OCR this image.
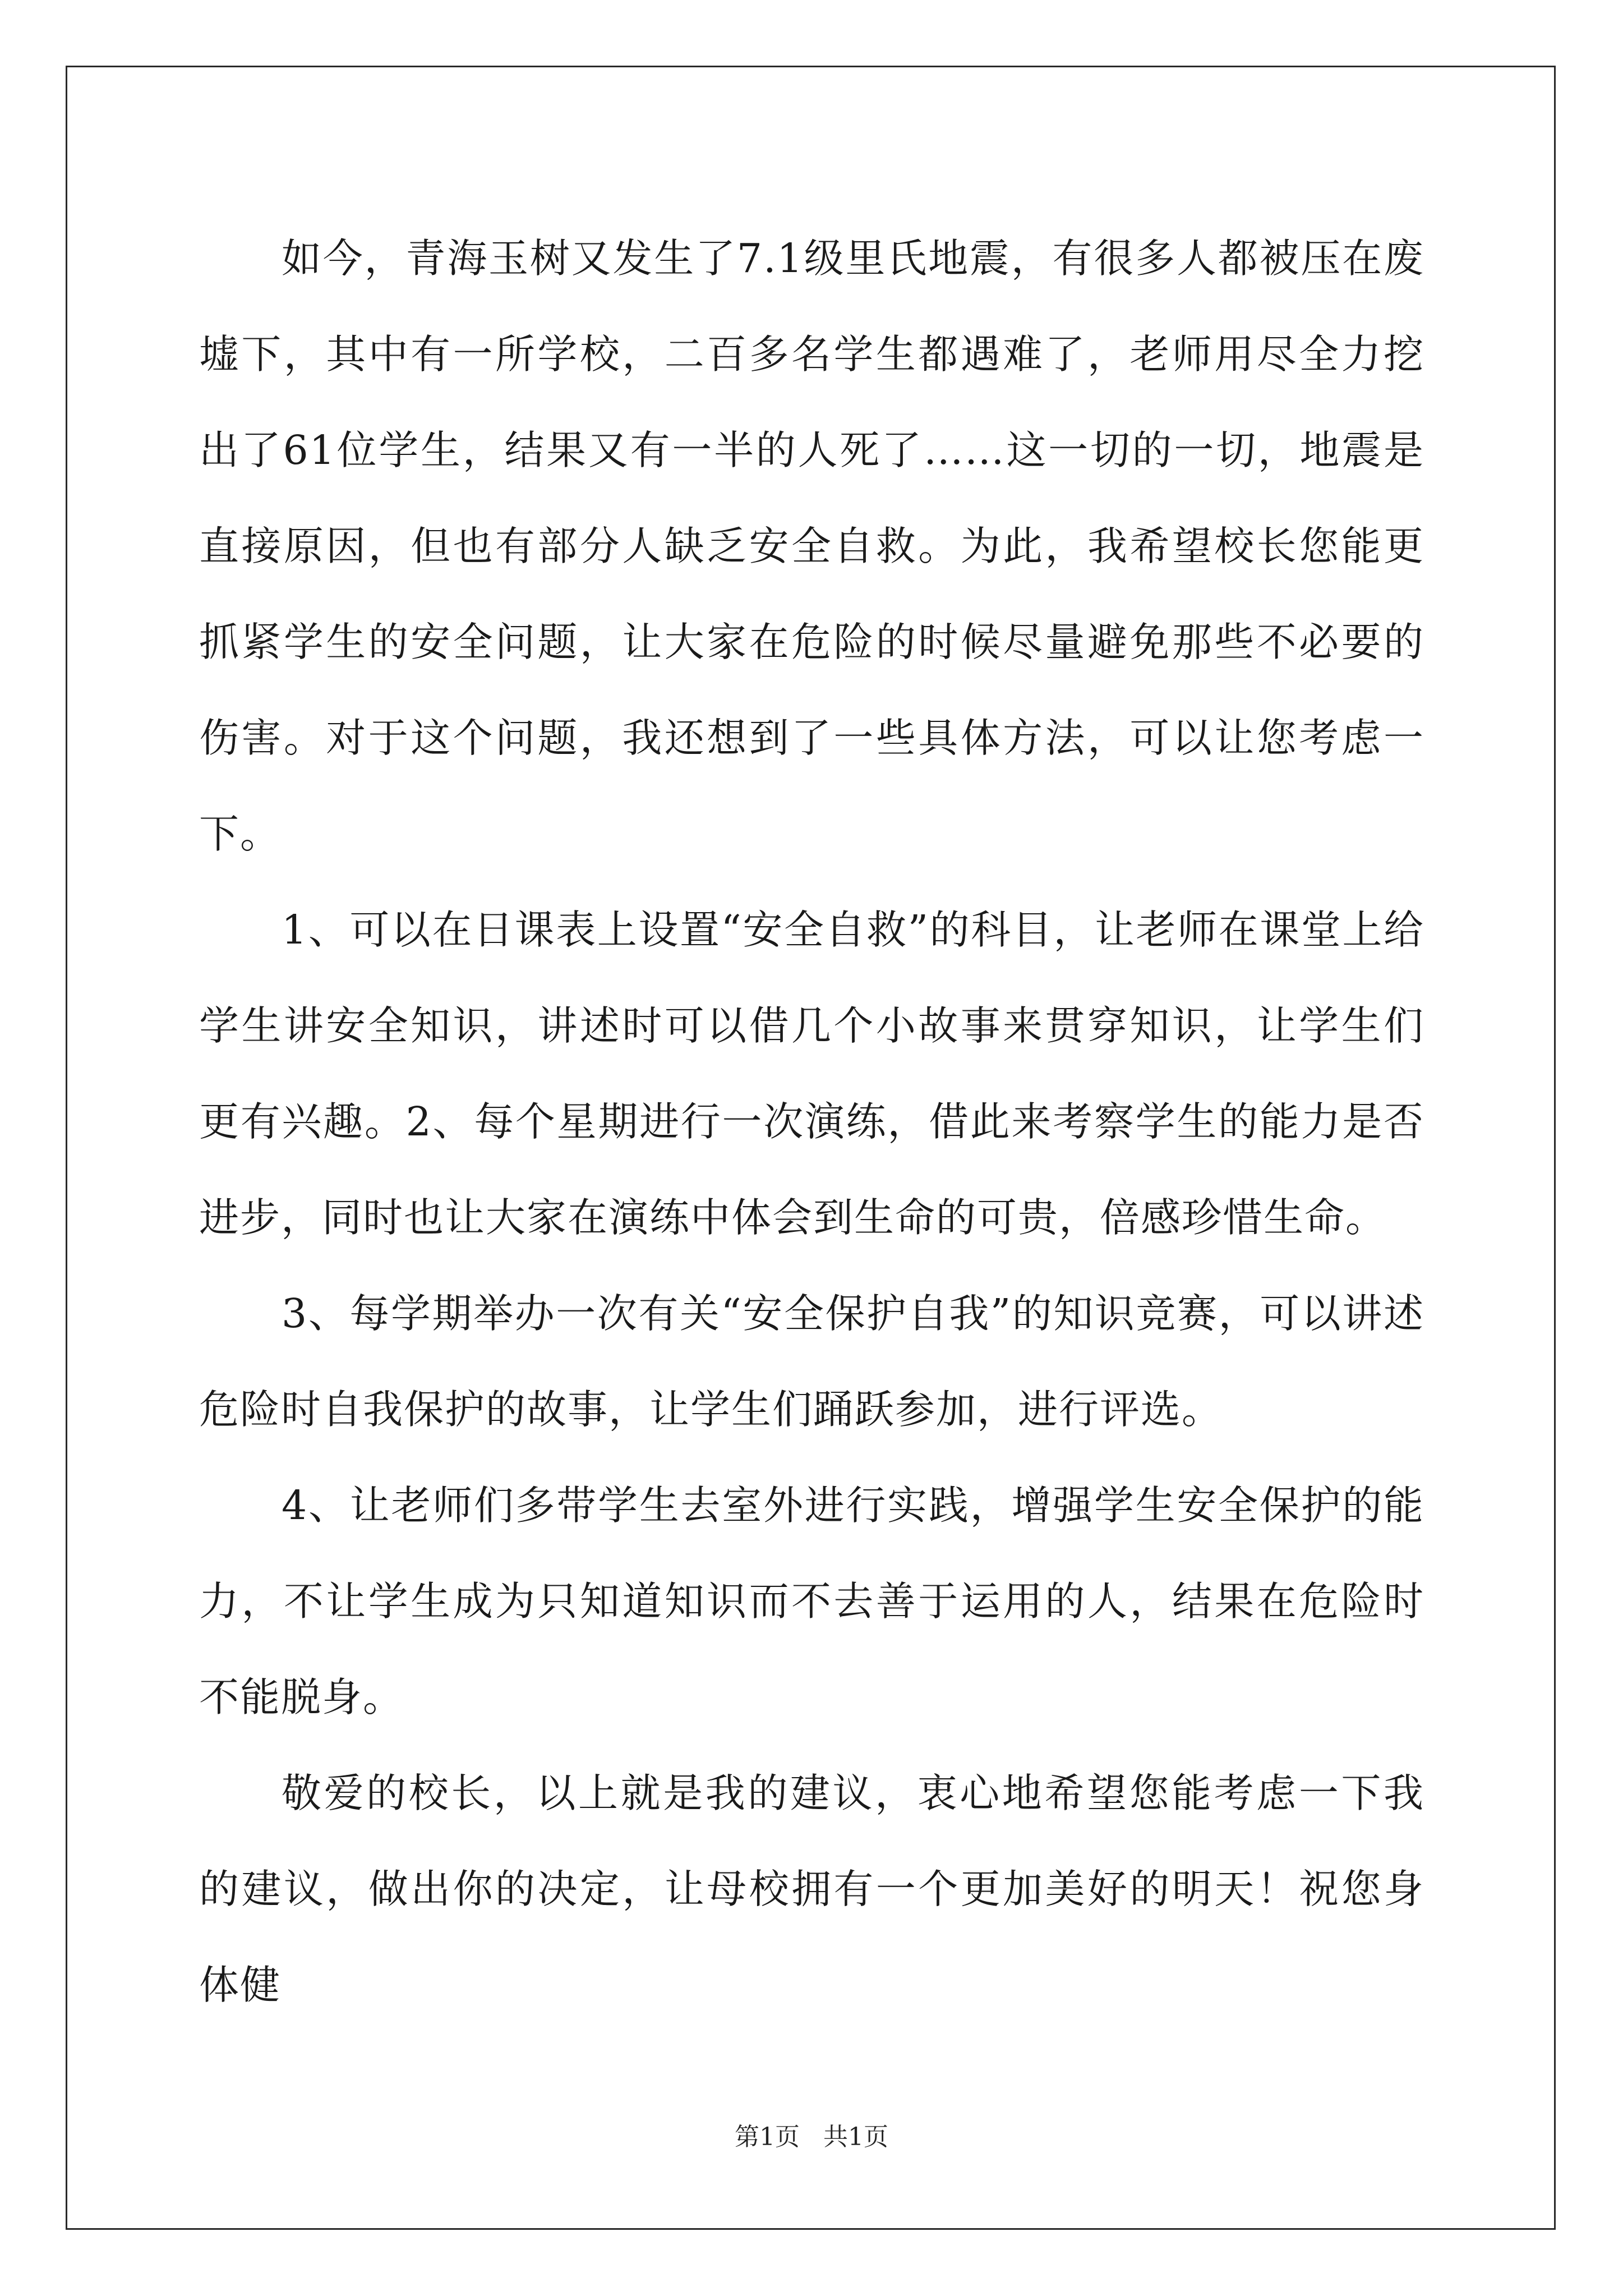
如今，青海玉树又发生了7.1级里氏地震，有很多人都被压在废墟下，其中有一所学校，二百多名学生都遇难了，老师用尽全力挖出了61位学生，结果又有一半的人死了……这一切的一切，地震是直接原因，但也有部分人缺乏安全自救。为此，我希望校长您能更抓紧学生的安全问题，让大家在危险的时候尽量避免那些不必要的伤害。对于这个问题，我还想到了一些具体方法，可以让您考虑一下。

1、可以在日课表上设置“安全自救”的科目，让老师在课堂上给学生讲安全知识，讲述时可以借几个小故事来贯穿知识，让学生们更有兴趣。2、每个星期进行一次演练，借此来考察学生的能力是否进步，同时也让大家在演练中体会到生命的可贵，倍感珍惜生命。

3、每学期举办一次有关“安全保护自我”的知识竞赛，可以讲述危险时自我保护的故事，让学生们踊跃参加，进行评选。

4、让老师们多带学生去室外进行实践，增强学生安全保护的能力，不让学生成为只知道知识而不去善于运用的人，结果在危险时不能脱身。

敬爱的校长，以上就是我的建议，衷心地希望您能考虑一下我的建议，做出你的决定，让母校拥有一个更加美好的明天！祝您身体健

第1页 共1页
